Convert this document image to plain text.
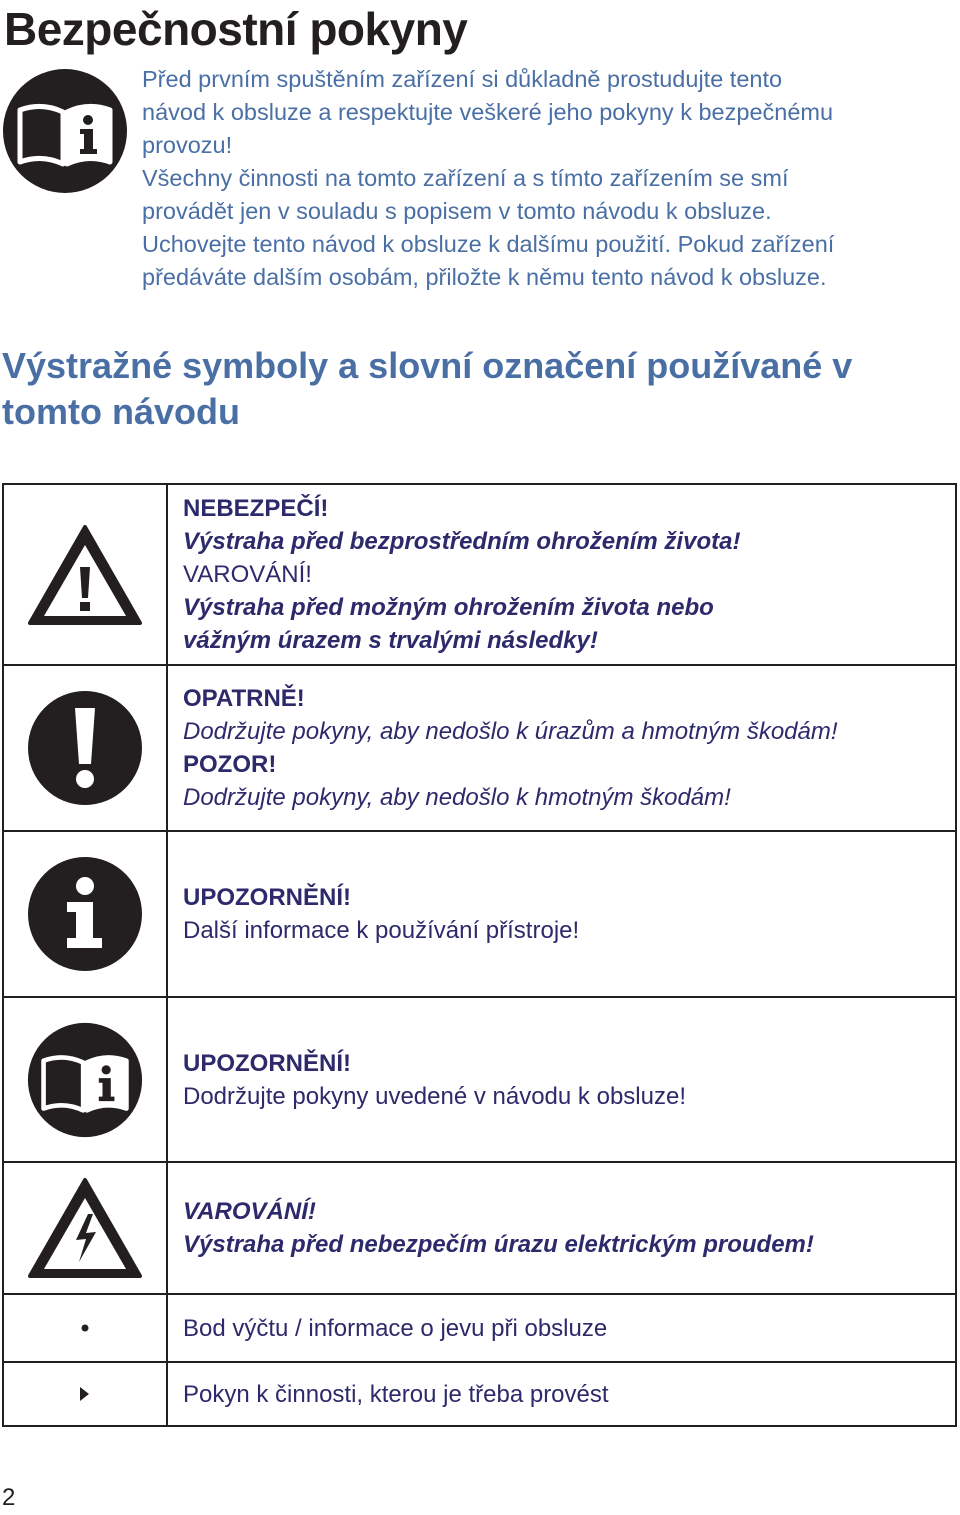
Bezpečnostní pokyny

Před prvním spuštěním zařízení si důkladně prostudujte tento

návod k obsluze a respektujte veškeré jeho pokyny k bezpečnému

provozu!

Všechny činnosti na tomto zařízení a s tímto zařízením se smí

provádět jen v souladu s popisem v tomto návodu k obsluze.

Uchovejte tento návod k obsluze k dalšímu použití. Pokud zařízení

předáváte dalším osobám, přiložte k němu tento návod k obsluze.

Výstražné symboly a slovní označení používané v tomto návodu

NEBEZPEČÍ!
Výstraha před bezprostředním ohrožením života!
VAROVÁNÍ!
Výstraha před možným ohrožením života nebo
vážným úrazem s trvalými následky!

OPATRNĚ!
Dodržujte pokyny, aby nedošlo k úrazům a hmotným škodám!
POZOR!
Dodržujte pokyny, aby nedošlo k hmotným škodám!

UPOZORNĚNÍ!
Další informace k používání přístroje!

UPOZORNĚNÍ!
Dodržujte pokyny uvedené v návodu k obsluze!

VAROVÁNÍ!
Výstraha před nebezpečím úrazu elektrickým proudem!

Bod výčtu / informace o jevu při obsluze

Pokyn k činnosti, kterou je třeba provést
2
